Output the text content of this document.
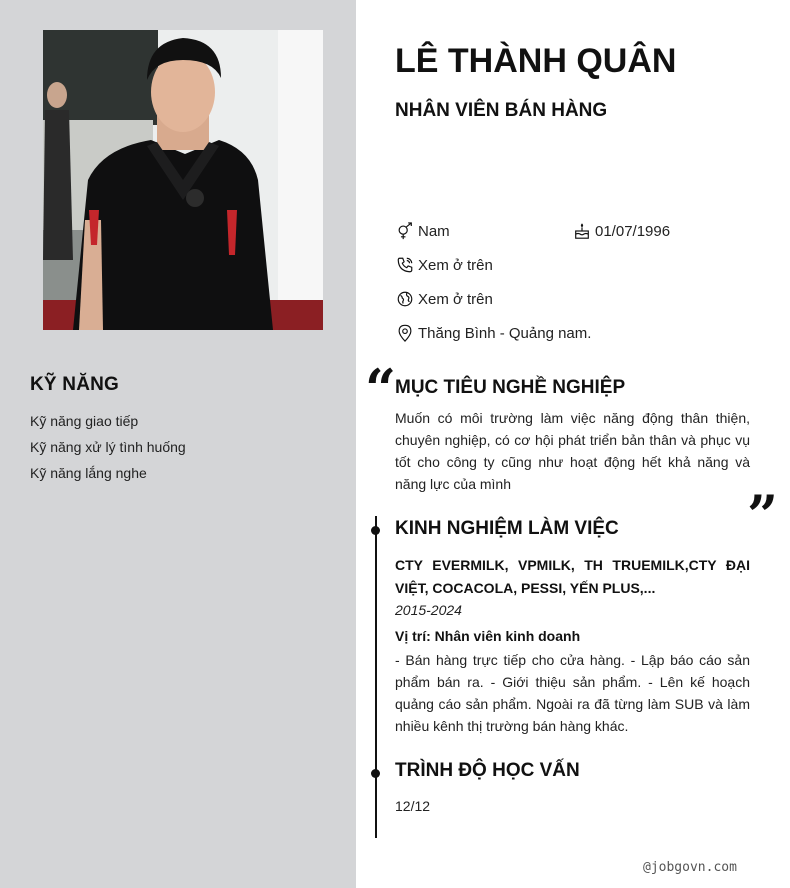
KỸ NĂNG
Kỹ năng giao tiếp
Kỹ năng xử lý tình huống
Kỹ năng lắng nghe
LÊ THÀNH QUÂN
NHÂN VIÊN BÁN HÀNG
Nam	01/07/1996
Xem ở trên
Xem ở trên
Thăng Bình - Quảng nam.
“
MỤC TIÊU NGHỀ NGHIỆP
Muốn có môi trường làm việc năng động thân thiện, chuyên nghiệp, có cơ hội phát triển bản thân và phục vụ tốt cho công ty cũng như hoạt động hết khả năng và năng lực của mình	”
KINH NGHIỆM LÀM VIỆC
CTY EVERMILK, VPMILK, TH TRUEMILK,CTY ĐẠI VIỆT, COCACOLA, PESSI, YẾN PLUS,...
2015-2024
Vị trí: Nhân viên kinh doanh
- Bán hàng trực tiếp cho cửa hàng. - Lập báo cáo sản phẩm bán ra. - Giới thiệu sản phẩm. - Lên kế hoạch quảng cáo sản phẩm. Ngoài ra đã từng làm SUB và làm nhiều kênh thị trường bán hàng khác.
TRÌNH ĐỘ HỌC VẤN
12/12
@jobgovn.com
